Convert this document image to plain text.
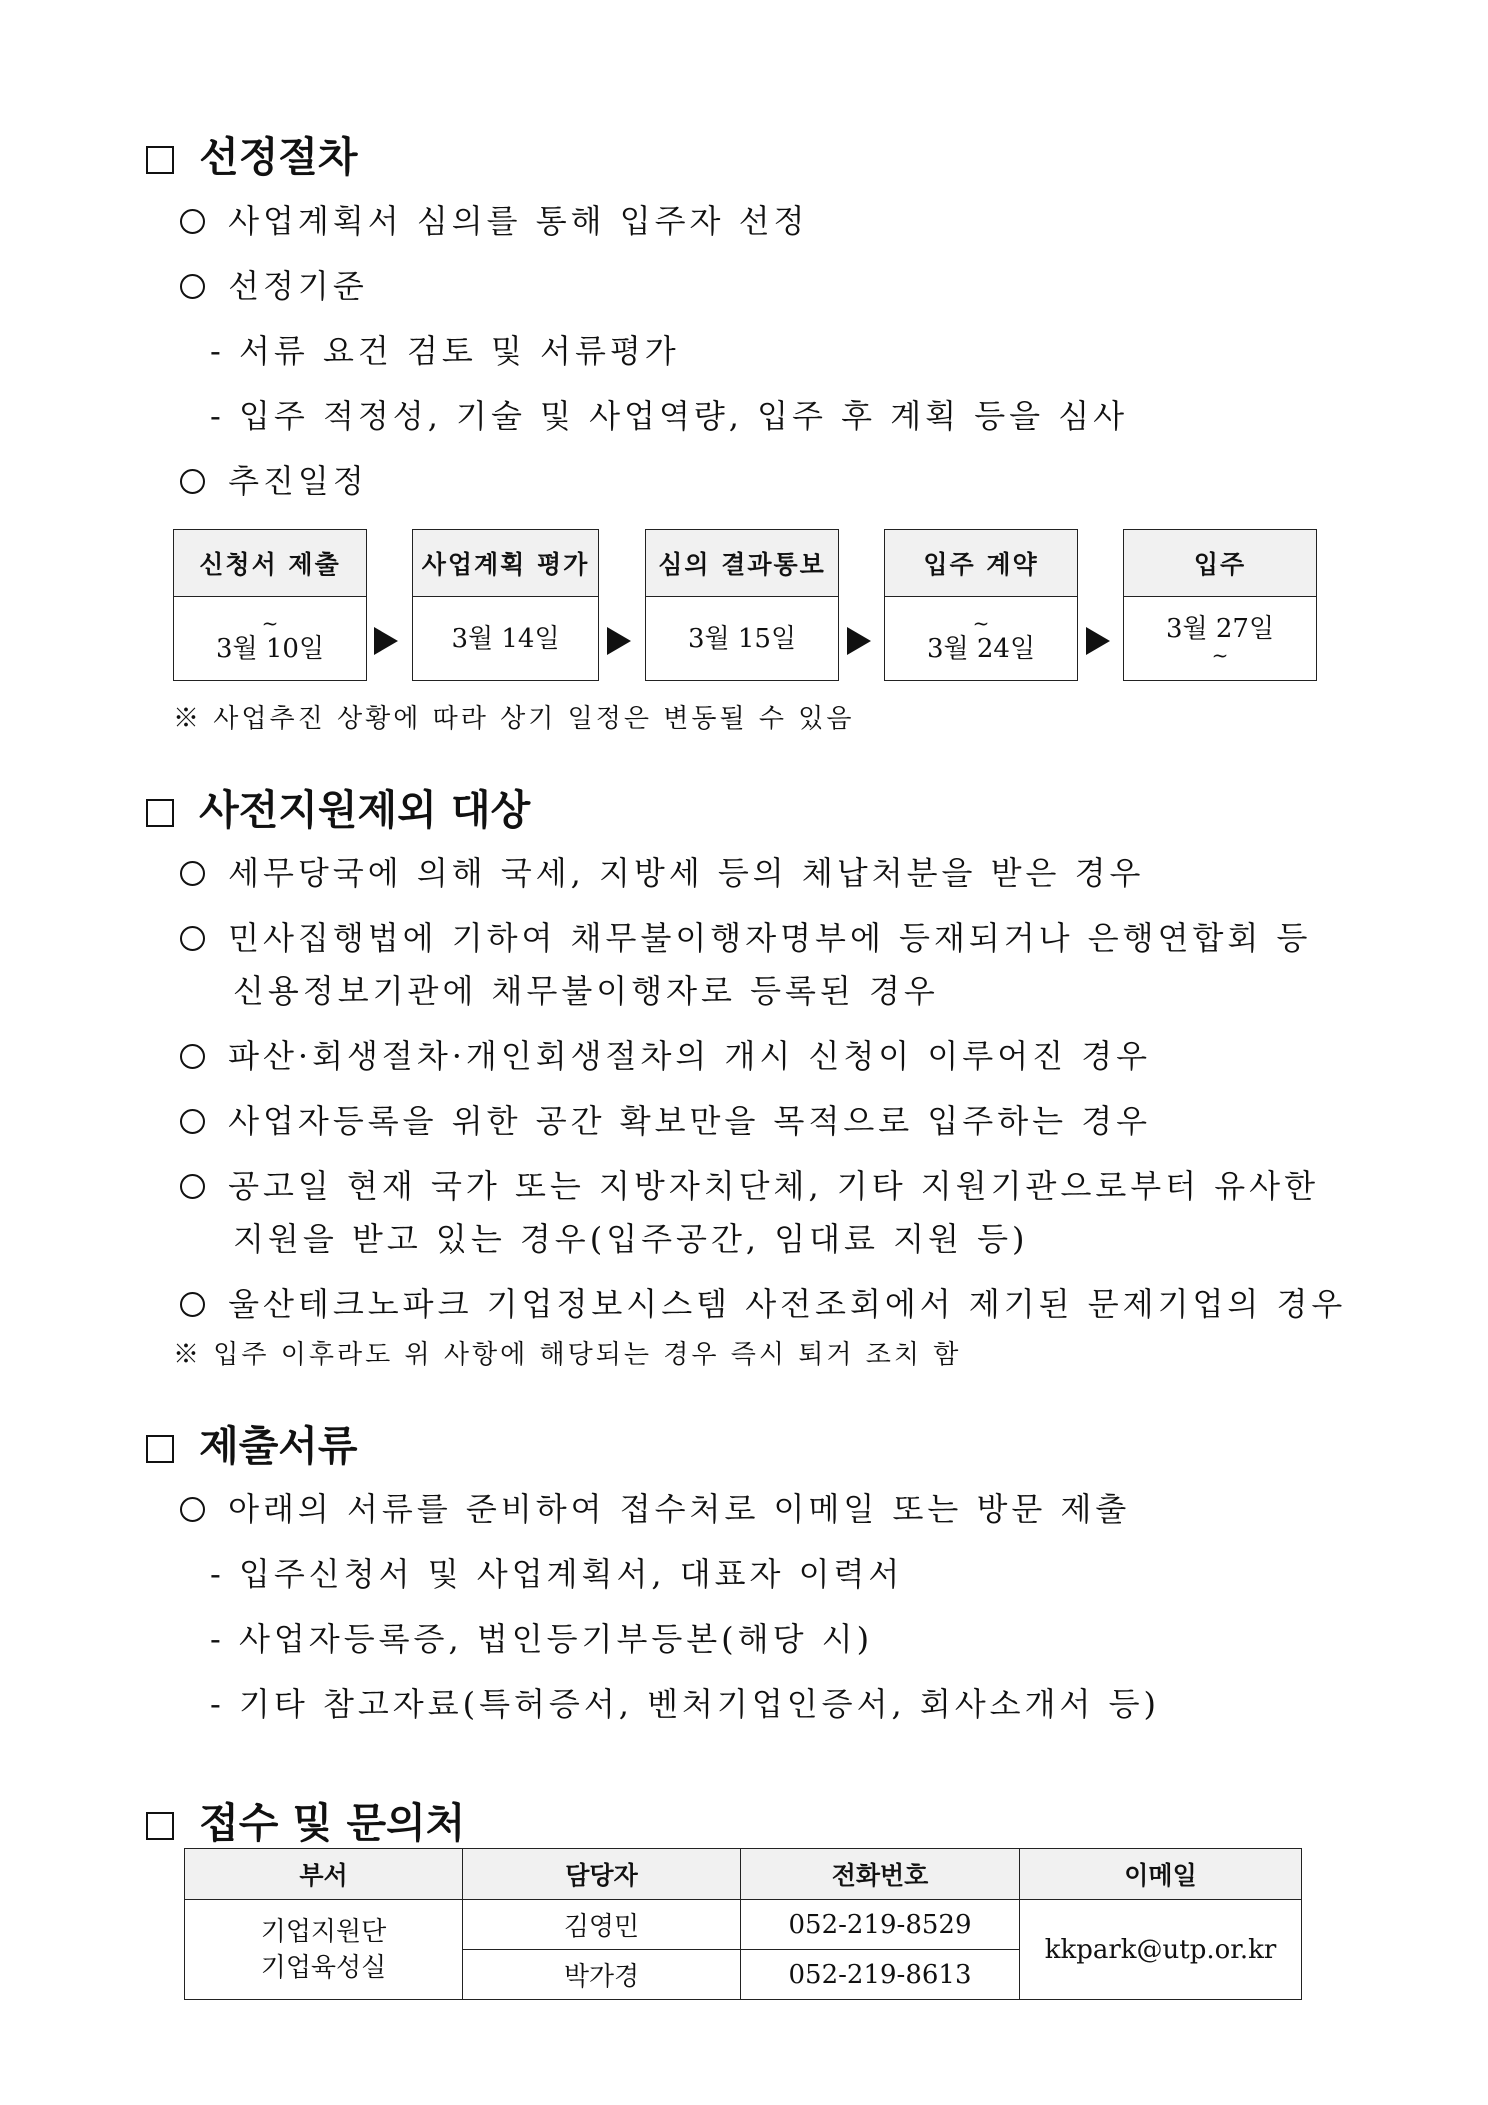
선정절차
사업계획서 심의를 통해 입주자 선정
선정기준
- 서류 요건 검토 및 서류평가
- 입주 적정성, 기술 및 사업역량, 입주 후 계획 등을 심사
추진일정
신청서 제출
~
3월 10일
사업계획 평가
3월 14일
심의 결과통보
3월 15일
입주 계약
~
3월 24일
입주
3월 27일
~
※ 사업추진 상황에 따라 상기 일정은 변동될 수 있음
사전지원제외 대상
세무당국에 의해 국세, 지방세 등의 체납처분을 받은 경우
민사집행법에 기하여 채무불이행자명부에 등재되거나 은행연합회 등
신용정보기관에 채무불이행자로 등록된 경우
파산·회생절차·개인회생절차의 개시 신청이 이루어진 경우
사업자등록을 위한 공간 확보만을 목적으로 입주하는 경우
공고일 현재 국가 또는 지방자치단체, 기타 지원기관으로부터 유사한
지원을 받고 있는 경우(입주공간, 임대료 지원 등)
울산테크노파크 기업정보시스템 사전조회에서 제기된 문제기업의 경우
※ 입주 이후라도 위 사항에 해당되는 경우 즉시 퇴거 조치 함
제출서류
아래의 서류를 준비하여 접수처로 이메일 또는 방문 제출
- 입주신청서 및 사업계획서, 대표자 이력서
- 사업자등록증, 법인등기부등본(해당 시)
- 기타 참고자료(특허증서, 벤처기업인증서, 회사소개서 등)
접수 및 문의처
부서	담당자	전화번호	이메일

기업지원단
기업육성실	김영민	052-219-8529	kkpark@utp.or.kr
	박가경	052-219-8613	
